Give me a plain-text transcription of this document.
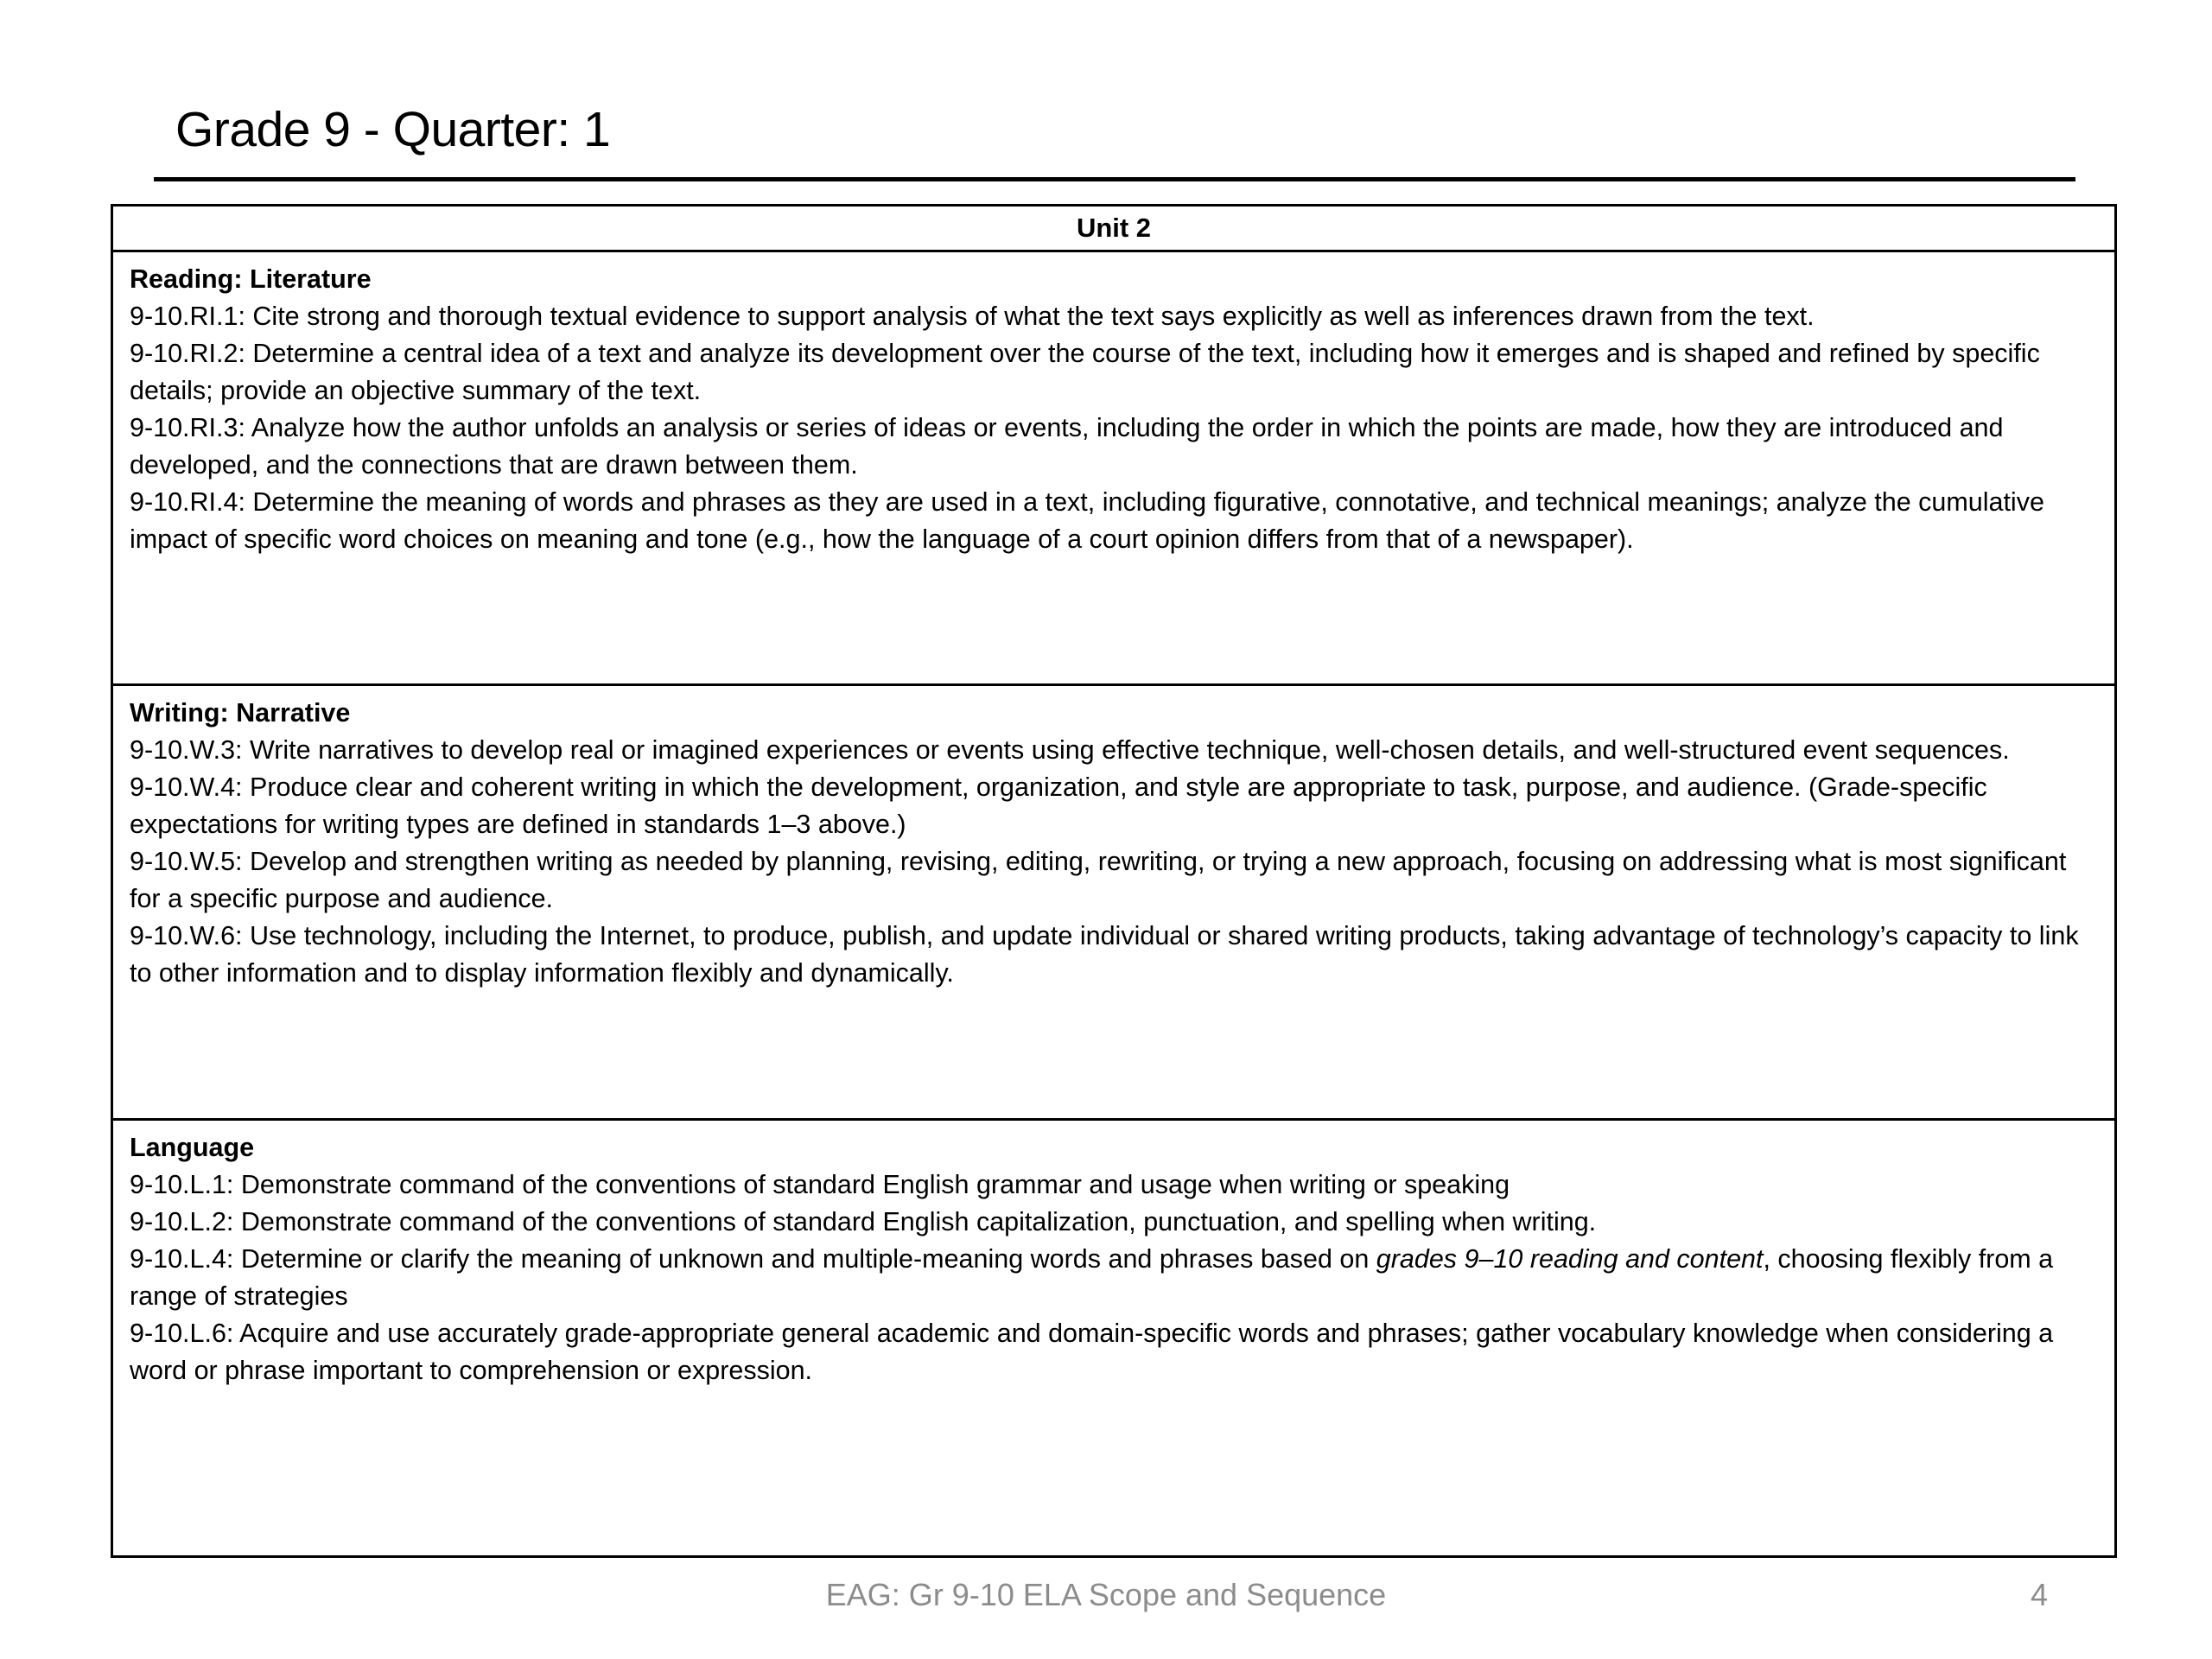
Grade 9 - Quarter: 1
Unit 2
Reading: Literature
9-10.RI.1: Cite strong and thorough textual evidence to support analysis of what the text says explicitly as well as inferences drawn from the text.
9-10.RI.2: Determine a central idea of a text and analyze its development over the course of the text, including how it emerges and is shaped and refined by specific details; provide an objective summary of the text.
9-10.RI.3: Analyze how the author unfolds an analysis or series of ideas or events, including the order in which the points are made, how they are introduced and developed, and the connections that are drawn between them.
9-10.RI.4: Determine the meaning of words and phrases as they are used in a text, including figurative, connotative, and technical meanings; analyze the cumulative impact of specific word choices on meaning and tone (e.g., how the language of a court opinion differs from that of a newspaper).
Writing: Narrative
9-10.W.3: Write narratives to develop real or imagined experiences or events using effective technique, well-chosen details, and well-structured event sequences.
9-10.W.4: Produce clear and coherent writing in which the development, organization, and style are appropriate to task, purpose, and audience. (Grade-specific expectations for writing types are defined in standards 1–3 above.)
9-10.W.5: Develop and strengthen writing as needed by planning, revising, editing, rewriting, or trying a new approach, focusing on addressing what is most significant for a specific purpose and audience.
9-10.W.6: Use technology, including the Internet, to produce, publish, and update individual or shared writing products, taking advantage of technology’s capacity to link to other information and to display information flexibly and dynamically.
Language
9-10.L.1: Demonstrate command of the conventions of standard English grammar and usage when writing or speaking
9-10.L.2: Demonstrate command of the conventions of standard English capitalization, punctuation, and spelling when writing.
9-10.L.4: Determine or clarify the meaning of unknown and multiple-meaning words and phrases based on grades 9–10 reading and content, choosing flexibly from a range of strategies
9-10.L.6: Acquire and use accurately grade-appropriate general academic and domain-specific words and phrases; gather vocabulary knowledge when considering a word or phrase important to comprehension or expression.
EAG: Gr 9-10 ELA Scope and Sequence	4
